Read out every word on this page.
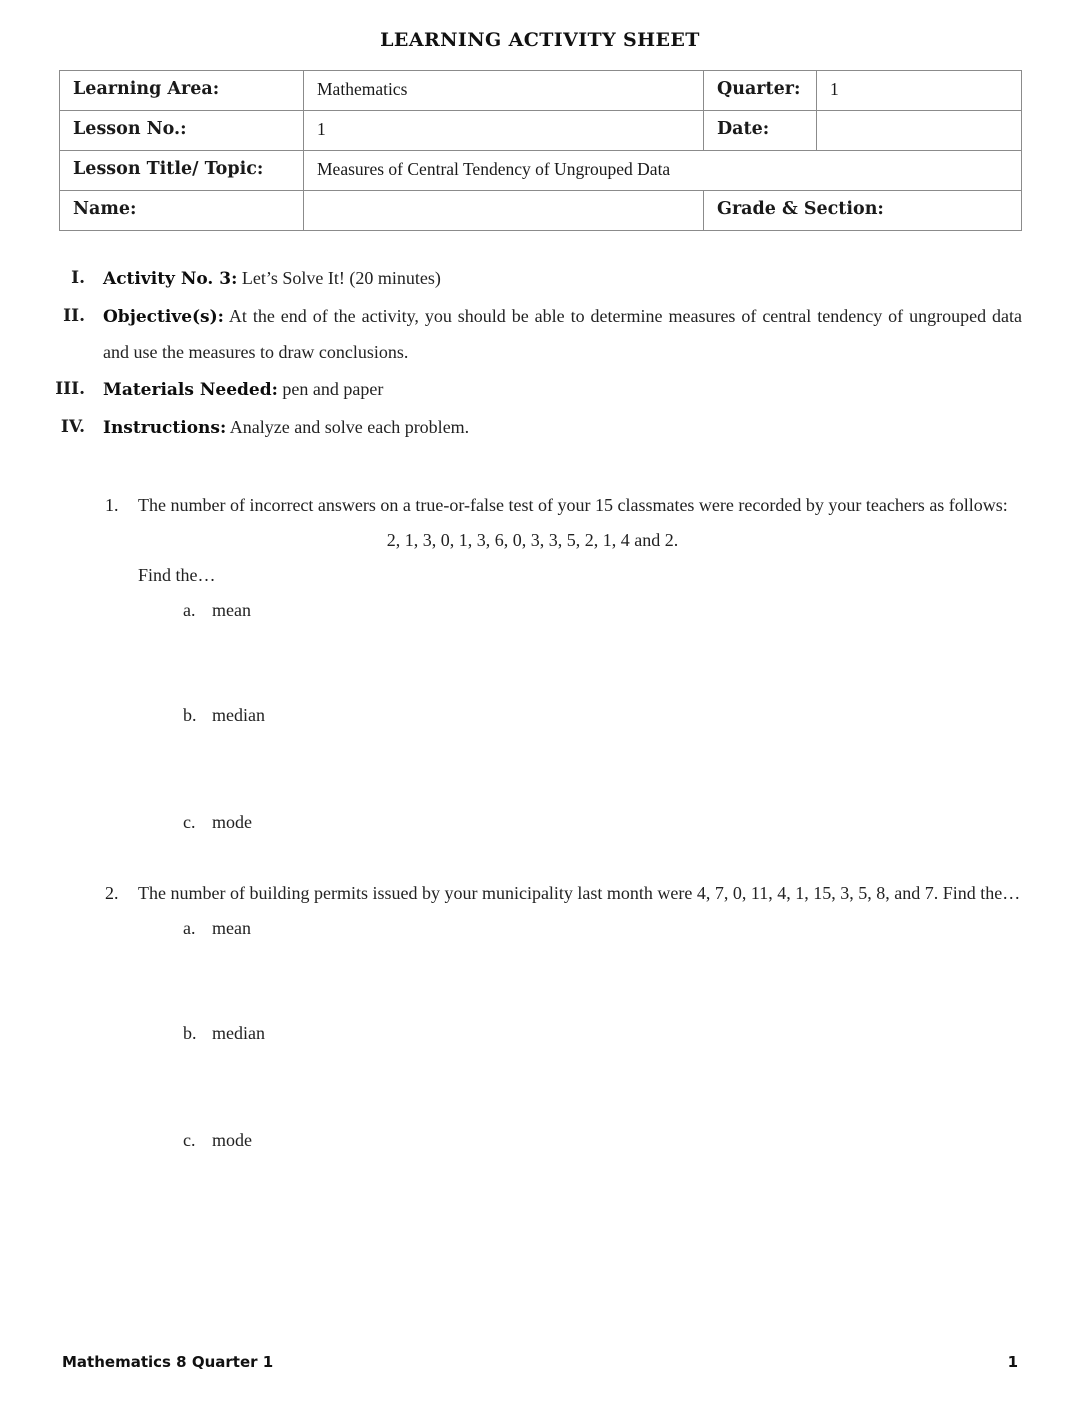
LEARNING ACTIVITY SHEET
Learning Area:	Mathematics	Quarter:	1	
Lesson No.:	1	Date:		
Lesson Title/ Topic:	Measures of Central Tendency of Ungrouped Data			
Name:		Grade & Section:		
I.	Activity No. 3: Let’s Solve It! (20 minutes)
II.	Objective(s): At the end of the activity, you should be able to determine measures of central tendency of ungrouped data and use the measures to draw conclusions.
III.	Materials Needed: pen and paper
IV.	Instructions: Analyze and solve each problem.
1.	The number of incorrect answers on a true-or-false test of your 15 classmates were recorded by your teachers as follows:
2, 1, 3, 0, 1, 3, 6, 0, 3, 3, 5, 2, 1, 4 and 2.
Find the…
a. mean
b. median
c. mode
2.	The number of building permits issued by your municipality last month were 4, 7, 0, 11, 4, 1, 15, 3, 5, 8, and 7. Find the…
a. mean
b. median
c. mode
Mathematics 8 Quarter 1	1
